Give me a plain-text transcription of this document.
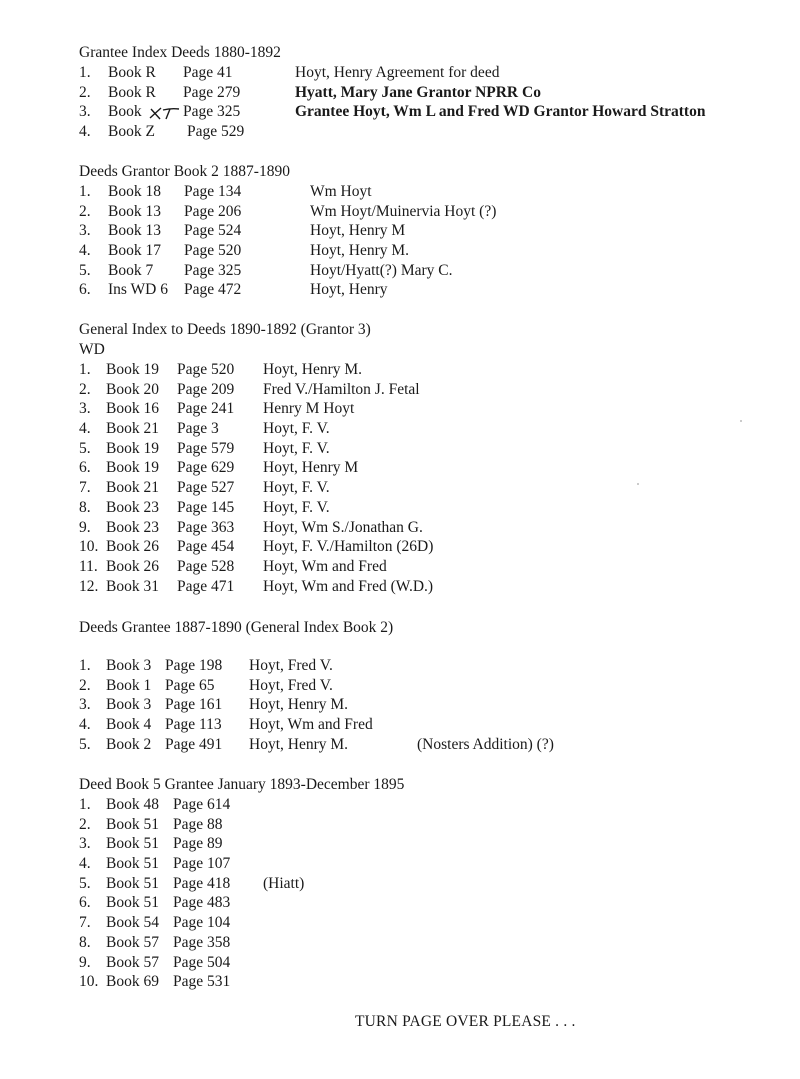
Grantee Index Deeds 1880-1892
1. Book R Page 41	Hoyt, Henry Agreement for deed
2. Book R Page 279	Hyatt, Mary Jane Grantor NPRR Co
3. Book	Page 325	Grantee Hoyt, Wm L and Fred WD Grantor Howard Stratton
4. Book Z Page 529
Deeds Grantor Book 2 1887-1890
1. Book 18 Page 134	Wm Hoyt
2. Book 13 Page 206	Wm Hoyt/Muinervia Hoyt (?)
3. Book 13 Page 524	Hoyt, Henry M
4. Book 17 Page 520	Hoyt, Henry M.
5. Book 7 Page 325	Hoyt/Hyatt(?) Mary C.
6. Ins WD 6 Page 472	Hoyt, Henry
General Index to Deeds 1890-1892 (Grantor 3)
WD
1. Book 19 Page 520 Hoyt, Henry M.
2. Book 20 Page 209 Fred V./Hamilton J. Fetal
3. Book 16 Page 241 Henry M Hoyt
4. Book 21 Page 3	Hoyt, F. V.
5. Book 19 Page 579 Hoyt, F. V.
6. Book 19 Page 629 Hoyt, Henry M
7. Book 21 Page 527 Hoyt, F. V.
8. Book 23 Page 145 Hoyt, F. V.
9. Book 23 Page 363 Hoyt, Wm S./Jonathan G.
10. Book 26 Page 454 Hoyt, F. V./Hamilton (26D)
11. Book 26 Page 528 Hoyt, Wm and Fred
12. Book 31 Page 471 Hoyt, Wm and Fred (W.D.)
Deeds Grantee 1887-1890 (General Index Book 2)
1. Book 3 Page 198 Hoyt, Fred V.
2. Book 1 Page 65 Hoyt, Fred V.
3. Book 3 Page 161 Hoyt, Henry M.
4. Book 4 Page 113 Hoyt, Wm and Fred
5. Book 2 Page 491 Hoyt, Henry M.	(Nosters Addition) (?)
Deed Book 5 Grantee January 1893-December 1895
1. Book 48 Page 614
2. Book 51 Page 88
3. Book 51 Page 89
4. Book 51 Page 107
5. Book 51 Page 418 (Hiatt)
6. Book 51 Page 483
7. Book 54 Page 104
8. Book 57 Page 358
9. Book 57 Page 504
10. Book 69 Page 531
TURN PAGE OVER PLEASE . . .
